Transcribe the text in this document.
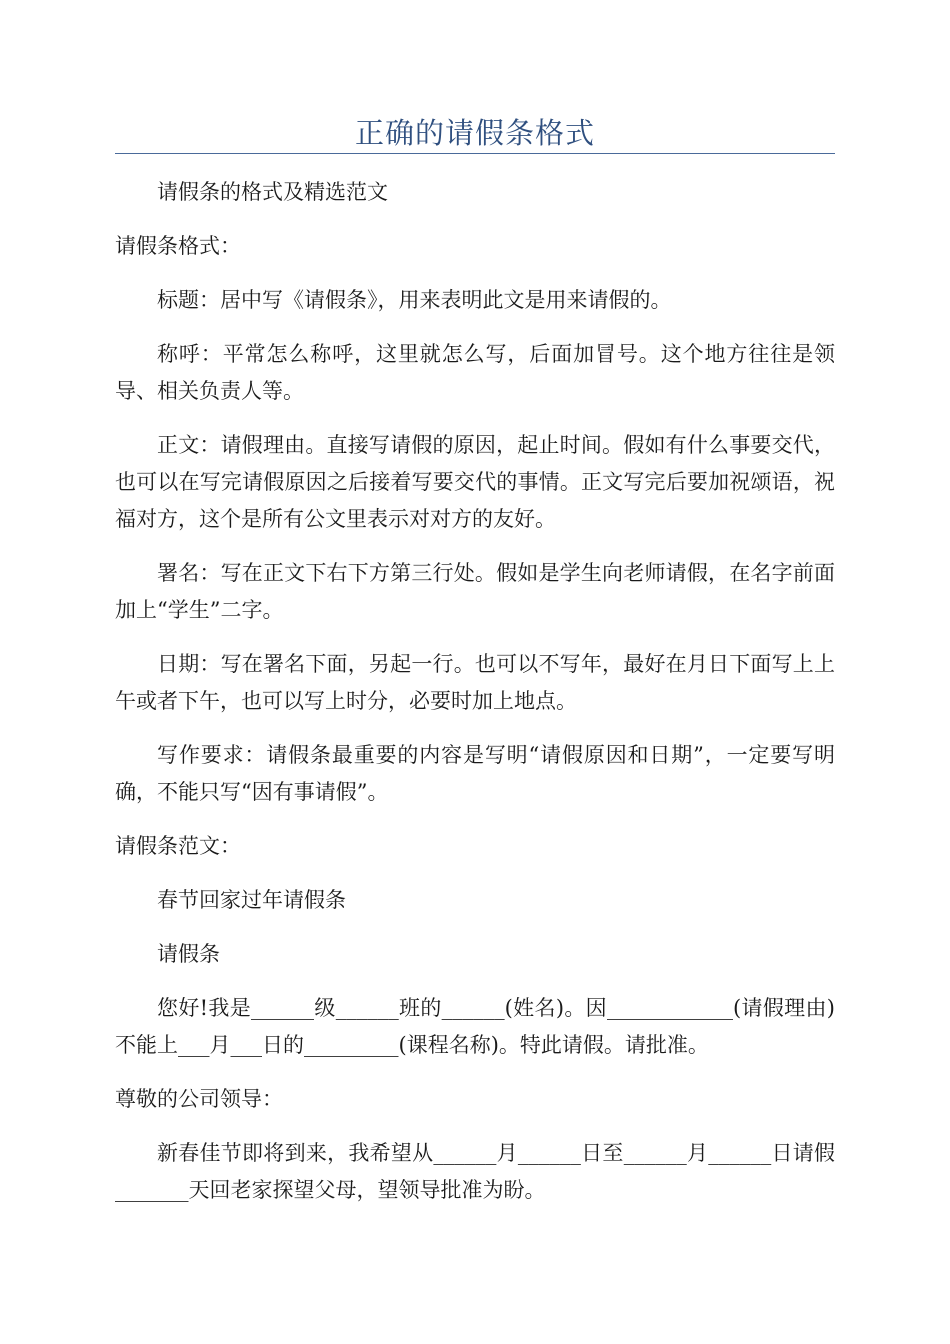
正确的请假条格式

请假条的格式及精选范文

请假条格式：

标题：居中写《请假条》，用来表明此文是用来请假的。

称呼：平常怎么称呼，这里就怎么写，后面加冒号。这个地方往往是领导、相关负责人等。

正文：请假理由。直接写请假的原因，起止时间。假如有什么事要交代，也可以在写完请假原因之后接着写要交代的事情。正文写完后要加祝颂语，祝福对方，这个是所有公文里表示对对方的友好。

署名：写在正文下右下方第三行处。假如是学生向老师请假，在名字前面加上“学生”二字。

日期：写在署名下面，另起一行。也可以不写年，最好在月日下面写上上午或者下午，也可以写上时分，必要时加上地点。

写作要求：请假条最重要的内容是写明“请假原因和日期”，一定要写明确，不能只写“因有事请假”。

请假条范文：

春节回家过年请假条

请假条

您好!我是______级______班的______(姓名)。因____________(请假理由)不能上___月___日的_________(课程名称)。特此请假。请批准。

尊敬的公司领导：

新春佳节即将到来，我希望从______月______日至______月______日请假_______天回老家探望父母，望领导批准为盼。
